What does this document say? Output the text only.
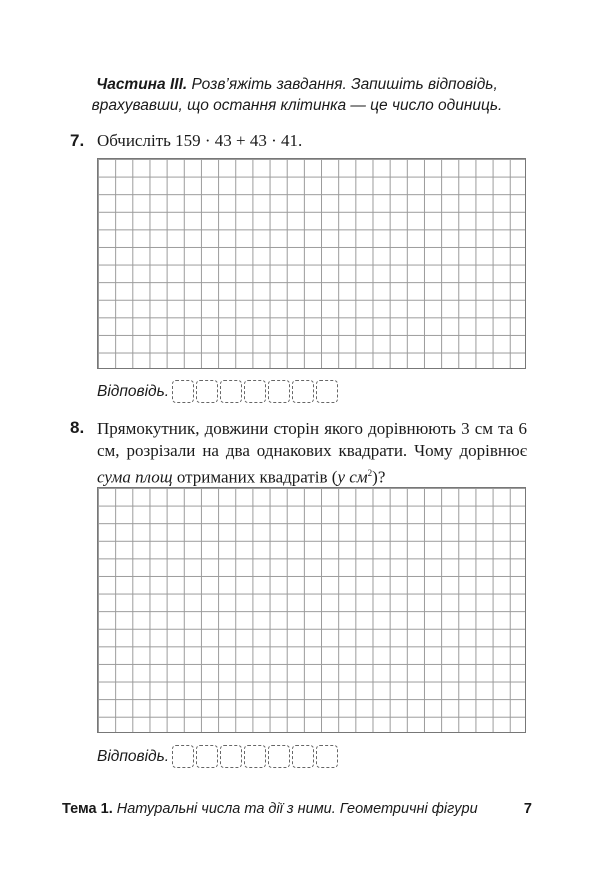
Частина III. Розв’яжіть завдання. Запишіть відповідь, врахувавши, що остання клітинка — це число одиниць.
7. Обчисліть 159 · 43 + 43 · 41.
Відповідь.
8. Прямокутник, довжини сторін якого дорівнюють 3 см та 6 см, розрізали на два однакових квадрати. Чому дорівнює сума площ отриманих квадратів (у $см^2$)?
Відповідь.
Тема 1. Натуральні числа та дії з ними. Геометричні фігури	7
